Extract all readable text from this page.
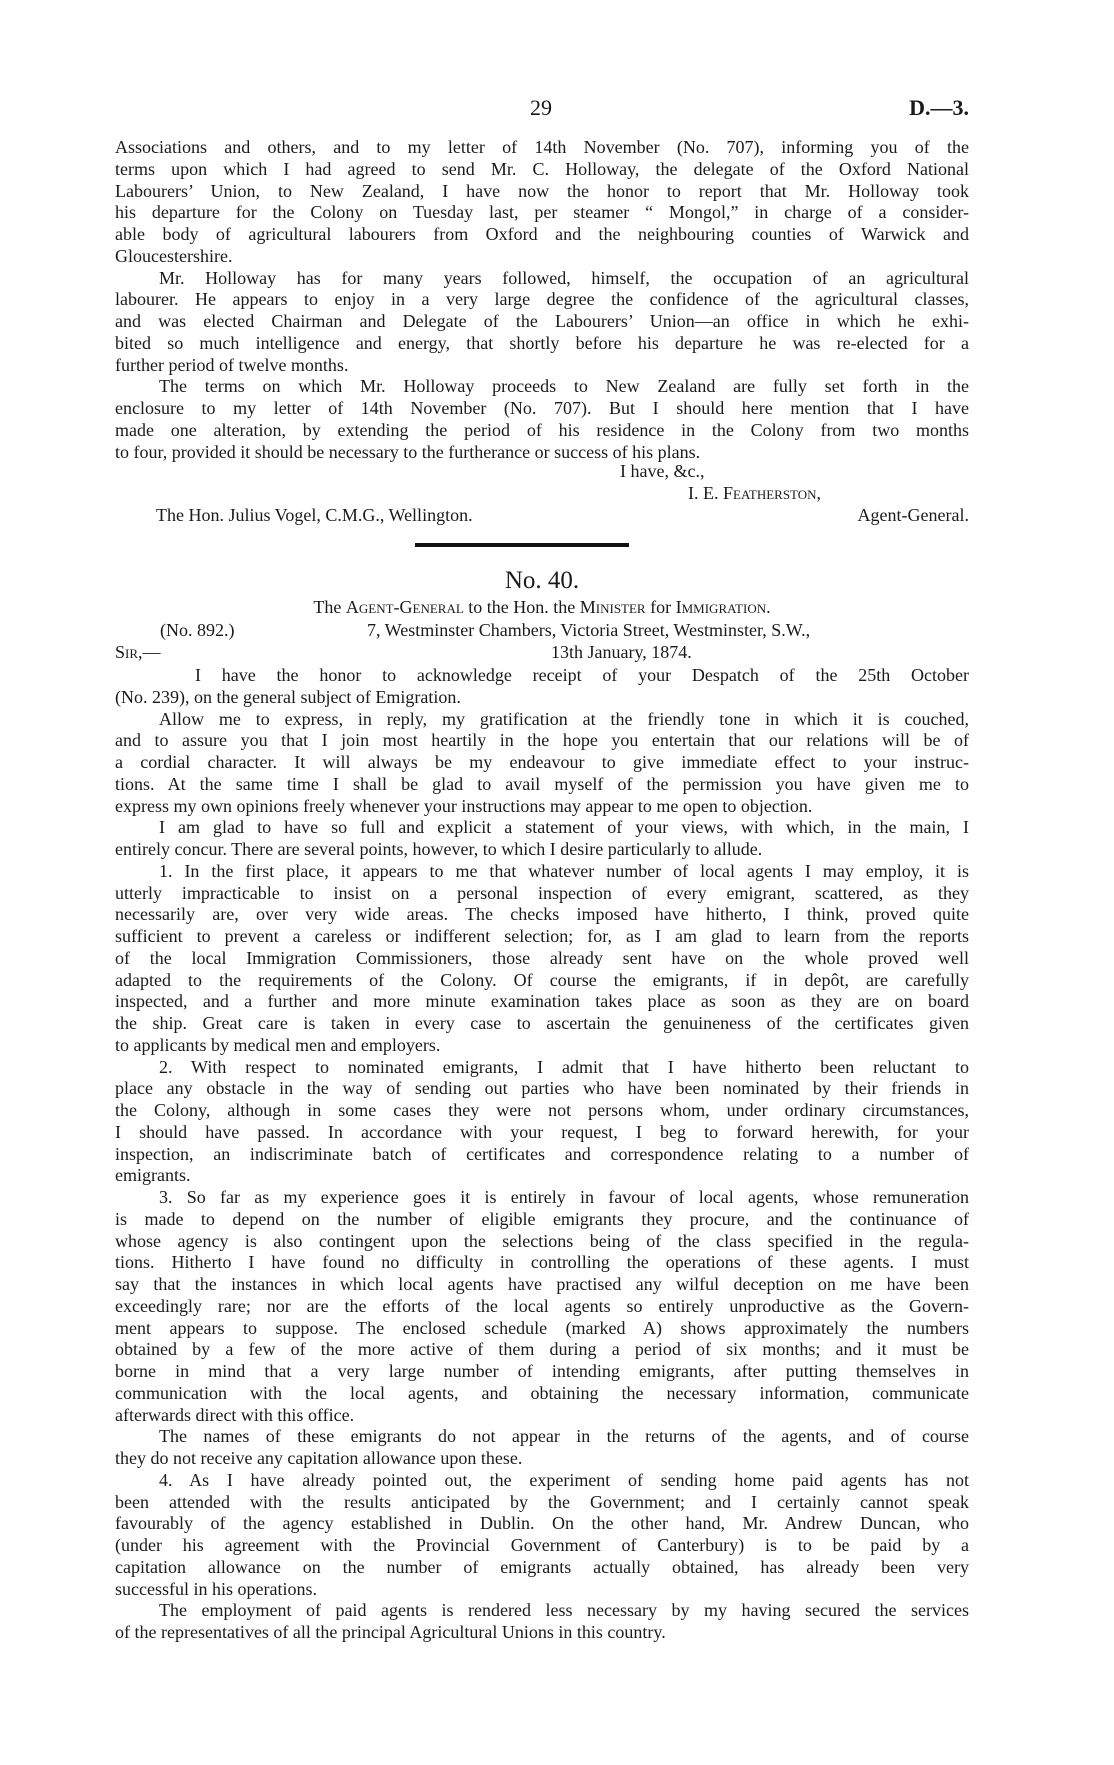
29	D.—3.
Associations and others, and to my letter of 14th November (No. 707), informing you of the
terms upon which I had agreed to send Mr. C. Holloway, the delegate of the Oxford National
Labourers’ Union, to New Zealand, I have now the honor to report that Mr. Holloway took
his departure for the Colony on Tuesday last, per steamer “ Mongol,” in charge of a consider-
able body of agricultural labourers from Oxford and the neighbouring counties of Warwick and
Gloucestershire.
Mr. Holloway has for many years followed, himself, the occupation of an agricultural
labourer. He appears to enjoy in a very large degree the confidence of the agricultural classes,
and was elected Chairman and Delegate of the Labourers’ Union—an office in which he exhi-
bited so much intelligence and energy, that shortly before his departure he was re-elected for a
further period of twelve months.
The terms on which Mr. Holloway proceeds to New Zealand are fully set forth in the
enclosure to my letter of 14th November (No. 707). But I should here mention that I have
made one alteration, by extending the period of his residence in the Colony from two months
to four, provided it should be necessary to the furtherance or success of his plans.
I have, &c.,
I. E. Featherston,
The Hon. Julius Vogel, C.M.G., Wellington.	Agent-General.
No. 40.
The Agent-General to the Hon. the Minister for Immigration.
(No. 892.)	7, Westminster Chambers, Victoria Street, Westminster, S.W.,
13th January, 1874.
Sir,—
I have the honor to acknowledge receipt of your Despatch of the 25th October
(No. 239), on the general subject of Emigration.
Allow me to express, in reply, my gratification at the friendly tone in which it is couched,
and to assure you that I join most heartily in the hope you entertain that our relations will be of
a cordial character. It will always be my endeavour to give immediate effect to your instruc-
tions. At the same time I shall be glad to avail myself of the permission you have given me to
express my own opinions freely whenever your instructions may appear to me open to objection.
I am glad to have so full and explicit a statement of your views, with which, in the main, I
entirely concur. There are several points, however, to which I desire particularly to allude.
1. In the first place, it appears to me that whatever number of local agents I may employ, it is
utterly impracticable to insist on a personal inspection of every emigrant, scattered, as they
necessarily are, over very wide areas. The checks imposed have hitherto, I think, proved quite
sufficient to prevent a careless or indifferent selection; for, as I am glad to learn from the reports
of the local Immigration Commissioners, those already sent have on the whole proved well
adapted to the requirements of the Colony. Of course the emigrants, if in depôt, are carefully
inspected, and a further and more minute examination takes place as soon as they are on board
the ship. Great care is taken in every case to ascertain the genuineness of the certificates given
to applicants by medical men and employers.
2. With respect to nominated emigrants, I admit that I have hitherto been reluctant to
place any obstacle in the way of sending out parties who have been nominated by their friends in
the Colony, although in some cases they were not persons whom, under ordinary circumstances,
I should have passed. In accordance with your request, I beg to forward herewith, for your
inspection, an indiscriminate batch of certificates and correspondence relating to a number of
emigrants.
3. So far as my experience goes it is entirely in favour of local agents, whose remuneration
is made to depend on the number of eligible emigrants they procure, and the continuance of
whose agency is also contingent upon the selections being of the class specified in the regula-
tions. Hitherto I have found no difficulty in controlling the operations of these agents. I must
say that the instances in which local agents have practised any wilful deception on me have been
exceedingly rare; nor are the efforts of the local agents so entirely unproductive as the Govern-
ment appears to suppose. The enclosed schedule (marked A) shows approximately the numbers
obtained by a few of the more active of them during a period of six months; and it must be
borne in mind that a very large number of intending emigrants, after putting themselves in
communication with the local agents, and obtaining the necessary information, communicate
afterwards direct with this office.
The names of these emigrants do not appear in the returns of the agents, and of course
they do not receive any capitation allowance upon these.
4. As I have already pointed out, the experiment of sending home paid agents has not
been attended with the results anticipated by the Government; and I certainly cannot speak
favourably of the agency established in Dublin. On the other hand, Mr. Andrew Duncan, who
(under his agreement with the Provincial Government of Canterbury) is to be paid by a
capitation allowance on the number of emigrants actually obtained, has already been very
successful in his operations.
The employment of paid agents is rendered less necessary by my having secured the services
of the representatives of all the principal Agricultural Unions in this country.
